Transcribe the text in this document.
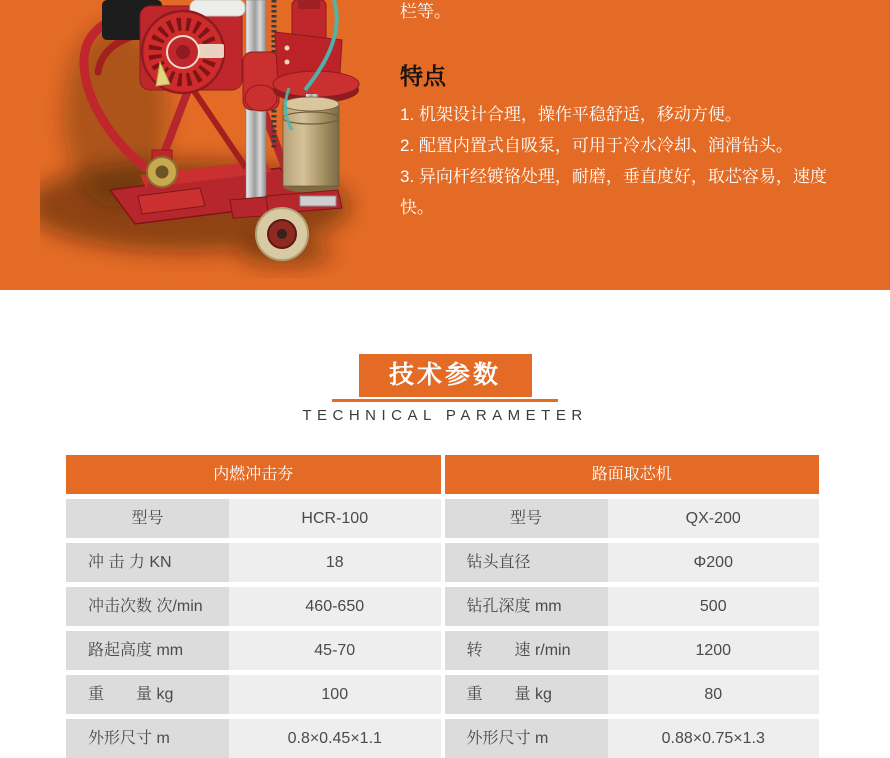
栏等。

特点
1. 机架设计合理，操作平稳舒适，移动方便。
2. 配置内置式自吸泵，可用于冷水冷却、润滑钻头。
3. 异向杆经镀铬处理，耐磨，垂直度好，取芯容易，速度快。
技术参数
TECHNICAL PARAMETER
内燃冲击夯
型号	HCR-100
冲 击 力 KN	18
冲击次数 次/min	460-650
路起高度 mm	45-70
重　　量 kg	100
外形尺寸 m	0.8×0.45×1.1
路面取芯机
型号	QX-200
钻头直径	Φ200
钻孔深度 mm	500
转　　速 r/min	1200
重　　量 kg	80
外形尺寸 m	0.88×0.75×1.3
